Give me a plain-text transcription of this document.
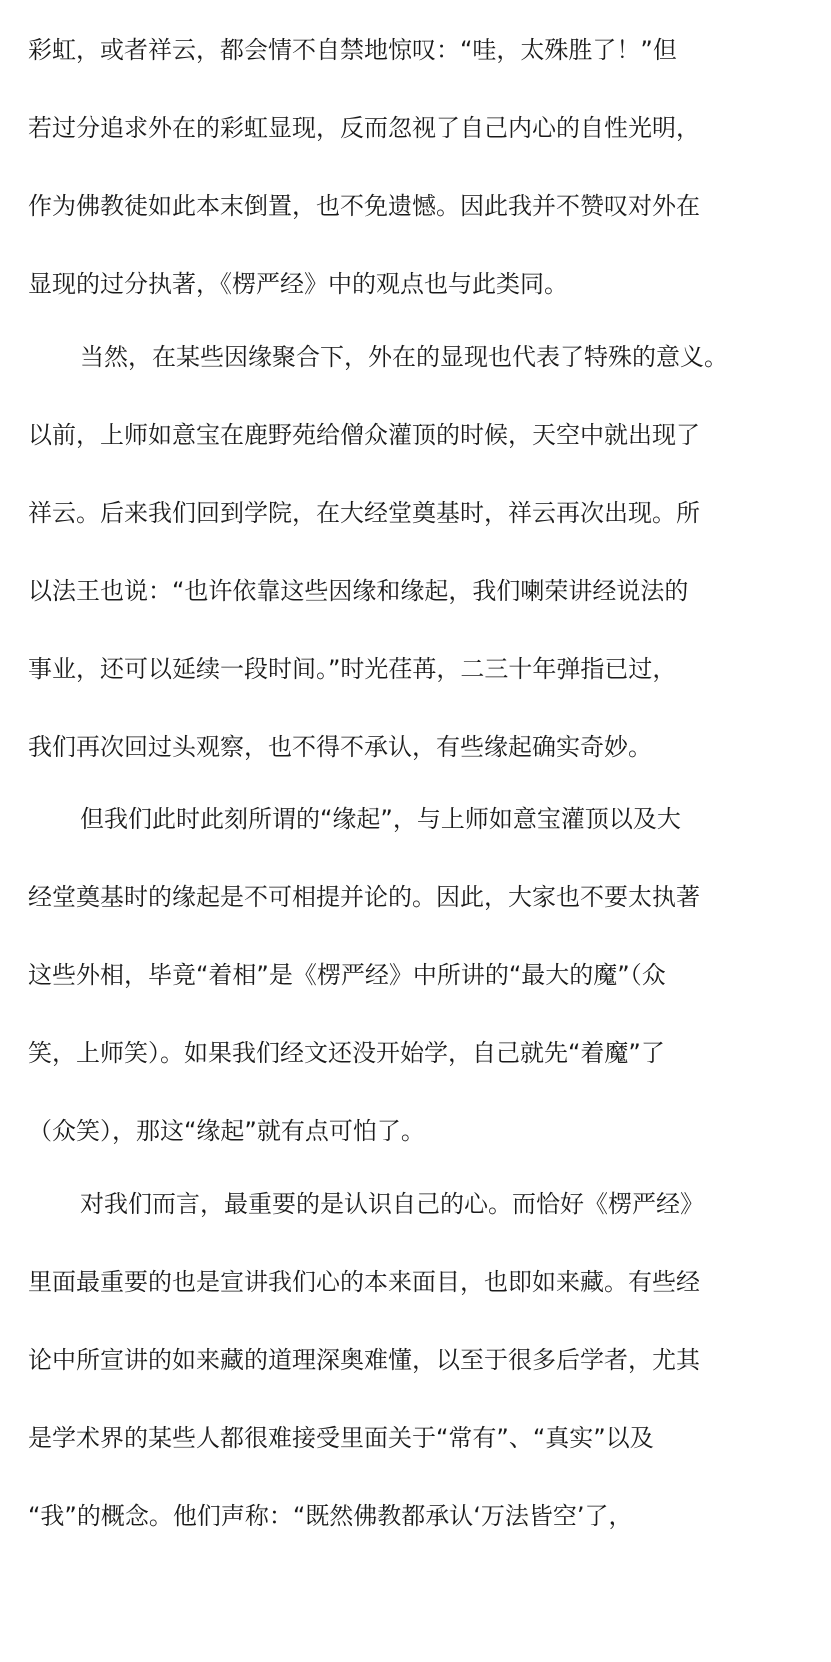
彩虹，或者祥云，都会情不自禁地惊叹：“哇，太殊胜了！”但
若过分追求外在的彩虹显现，反而忽视了自己内心的自性光明，
作为佛教徒如此本末倒置，也不免遗憾。因此我并不赞叹对外在
显现的过分执著，《楞严经》中的观点也与此类同。
当然，在某些因缘聚合下，外在的显现也代表了特殊的意义。
以前，上师如意宝在鹿野苑给僧众灌顶的时候，天空中就出现了
祥云。后来我们回到学院，在大经堂奠基时，祥云再次出现。所
以法王也说：“也许依靠这些因缘和缘起，我们喇荣讲经说法的
事业，还可以延续一段时间。”时光荏苒，二三十年弹指已过，
我们再次回过头观察，也不得不承认，有些缘起确实奇妙。
但我们此时此刻所谓的“缘起”，与上师如意宝灌顶以及大
经堂奠基时的缘起是不可相提并论的。因此，大家也不要太执著
这些外相，毕竟“着相”是《楞严经》中所讲的“最大的魔”（众
笑，上师笑）。如果我们经文还没开始学，自己就先“着魔”了
（众笑），那这“缘起”就有点可怕了。
对我们而言，最重要的是认识自己的心。而恰好《楞严经》
里面最重要的也是宣讲我们心的本来面目，也即如来藏。有些经
论中所宣讲的如来藏的道理深奥难懂，以至于很多后学者，尤其
是学术界的某些人都很难接受里面关于“常有”、“真实”以及
“我”的概念。他们声称：“既然佛教都承认‘万法皆空’了，
